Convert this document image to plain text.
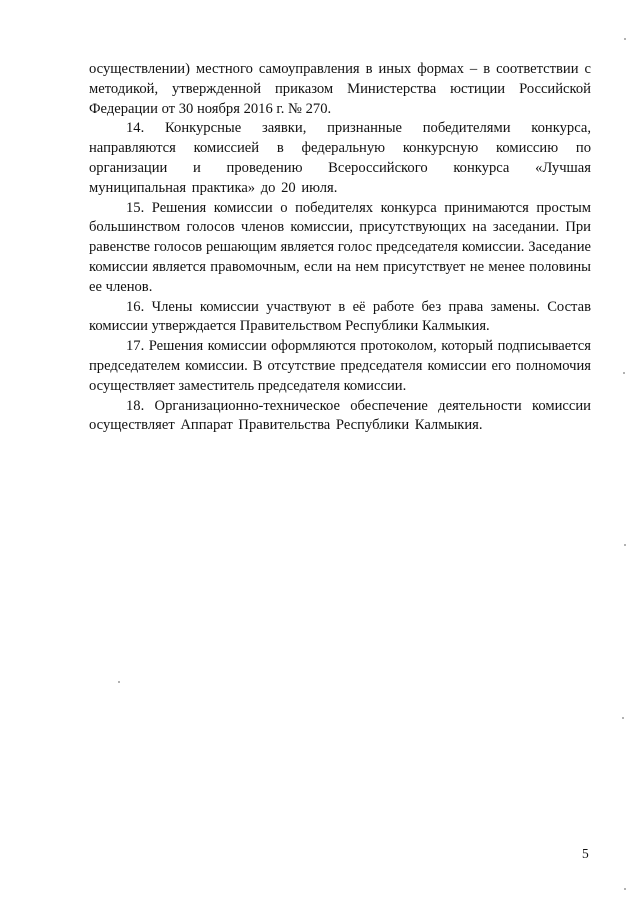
осуществлении) местного самоуправления в иных формах – в соответствии с методикой, утвержденной приказом Министерства юстиции Российской Федерации от 30 ноября 2016 г. № 270.

14. Конкурсные заявки, признанные победителями конкурса, направляются комиссией в федеральную конкурсную комиссию по организации и проведению Всероссийского конкурса «Лучшая муниципальная практика» до 20 июля.

15. Решения комиссии о победителях конкурса принимаются простым большинством голосов членов комиссии, присутствующих на заседании. При равенстве голосов решающим является голос председателя комиссии. Заседание комиссии является правомочным, если на нем присутствует не менее половины ее членов.

16. Члены комиссии участвуют в её работе без права замены. Состав комиссии утверждается Правительством Республики Калмыкия.

17. Решения комиссии оформляются протоколом, который подписывается председателем комиссии. В отсутствие председателя комиссии его полномочия осуществляет заместитель председателя комиссии.

18. Организационно-техническое обеспечение деятельности комиссии осуществляет Аппарат Правительства Республики Калмыкия.

5
